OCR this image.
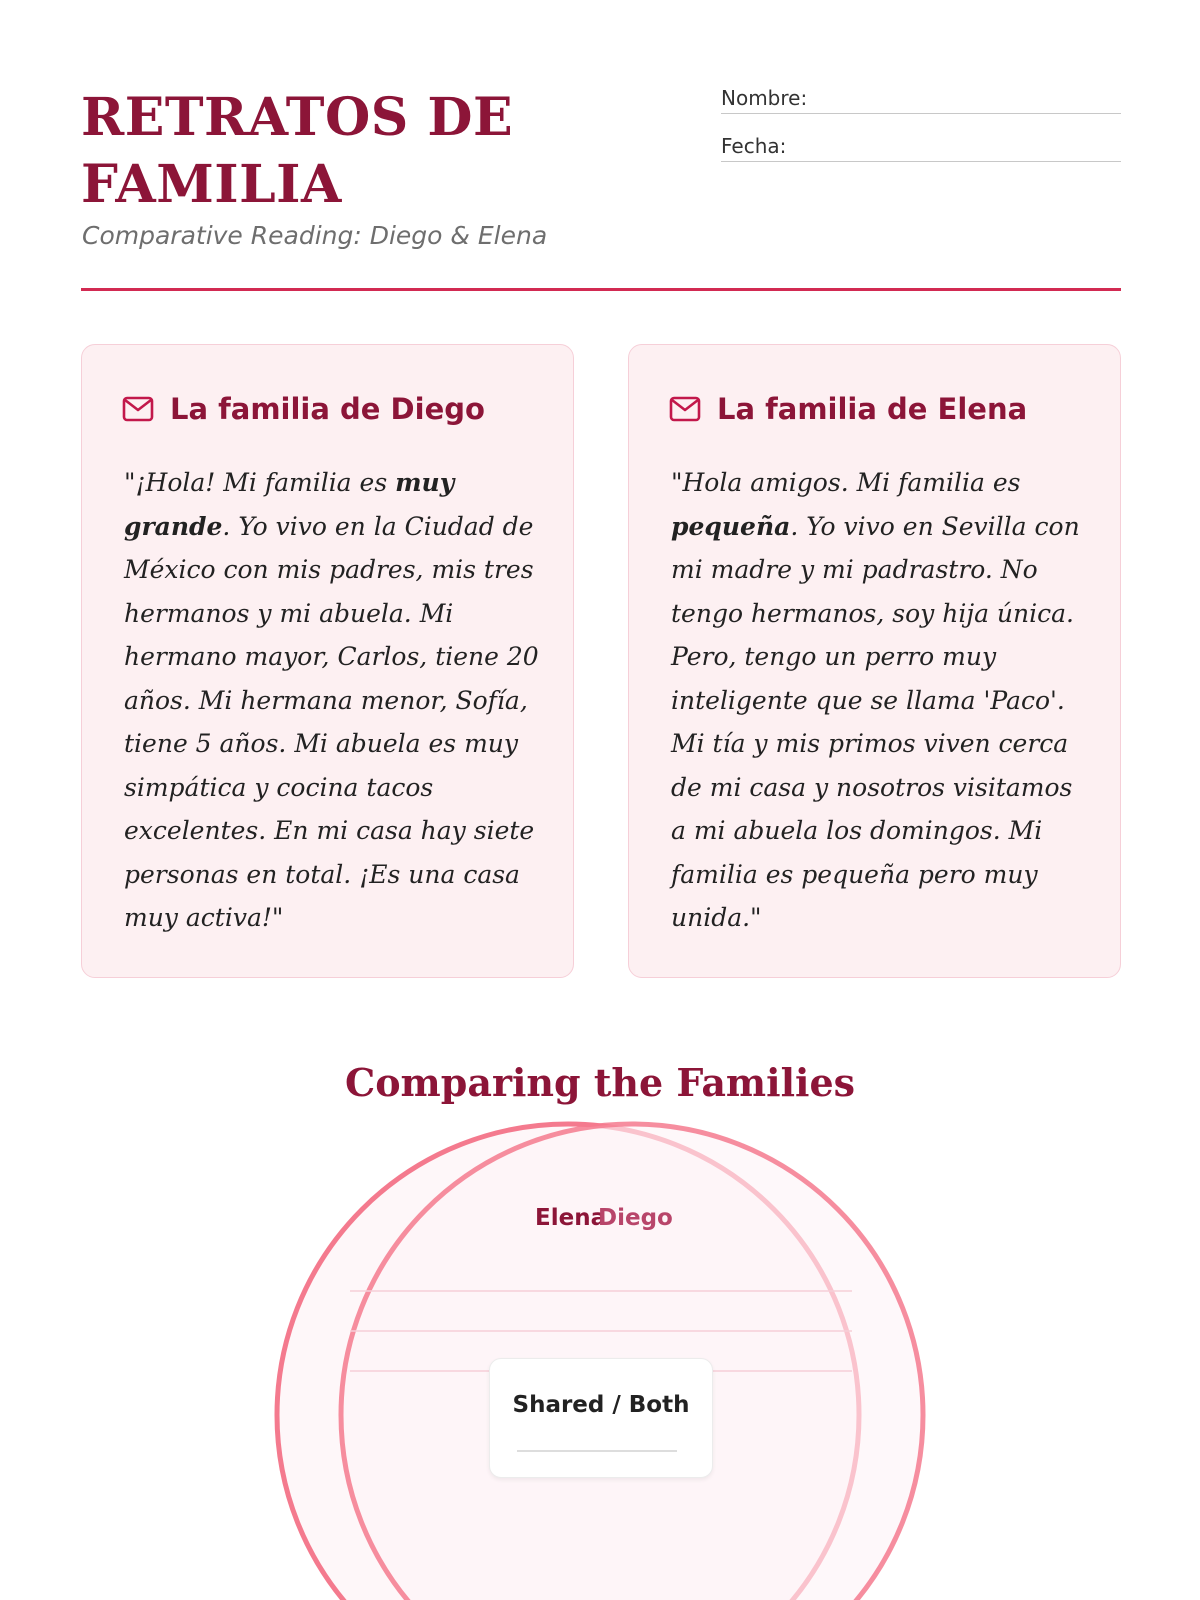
RETRATOS DE FAMILIA
Comparative Reading: Diego & Elena
Nombre:
Fecha:
La familia de Diego

"¡Hola! Mi familia es muy grande. Yo vivo en la Ciudad de México con mis padres, mis tres hermanos y mi abuela. Mi hermano mayor, Carlos, tiene 20 años. Mi hermana menor, Sofía, tiene 5 años. Mi abuela es muy simpática y cocina tacos excelentes. En mi casa hay siete personas en total. ¡Es una casa muy activa!"

La familia de Elena

"Hola amigos. Mi familia es pequeña. Yo vivo en Sevilla con mi madre y mi padrastro. No tengo hermanos, soy hija única. Pero, tengo un perro muy inteligente que se llama 'Paco'. Mi tía y mis primos viven cerca de mi casa y nosotros visitamos a mi abuela los domingos. Mi familia es pequeña pero muy unida."

Comparing the Families
Elena
Diego
Shared / Both
